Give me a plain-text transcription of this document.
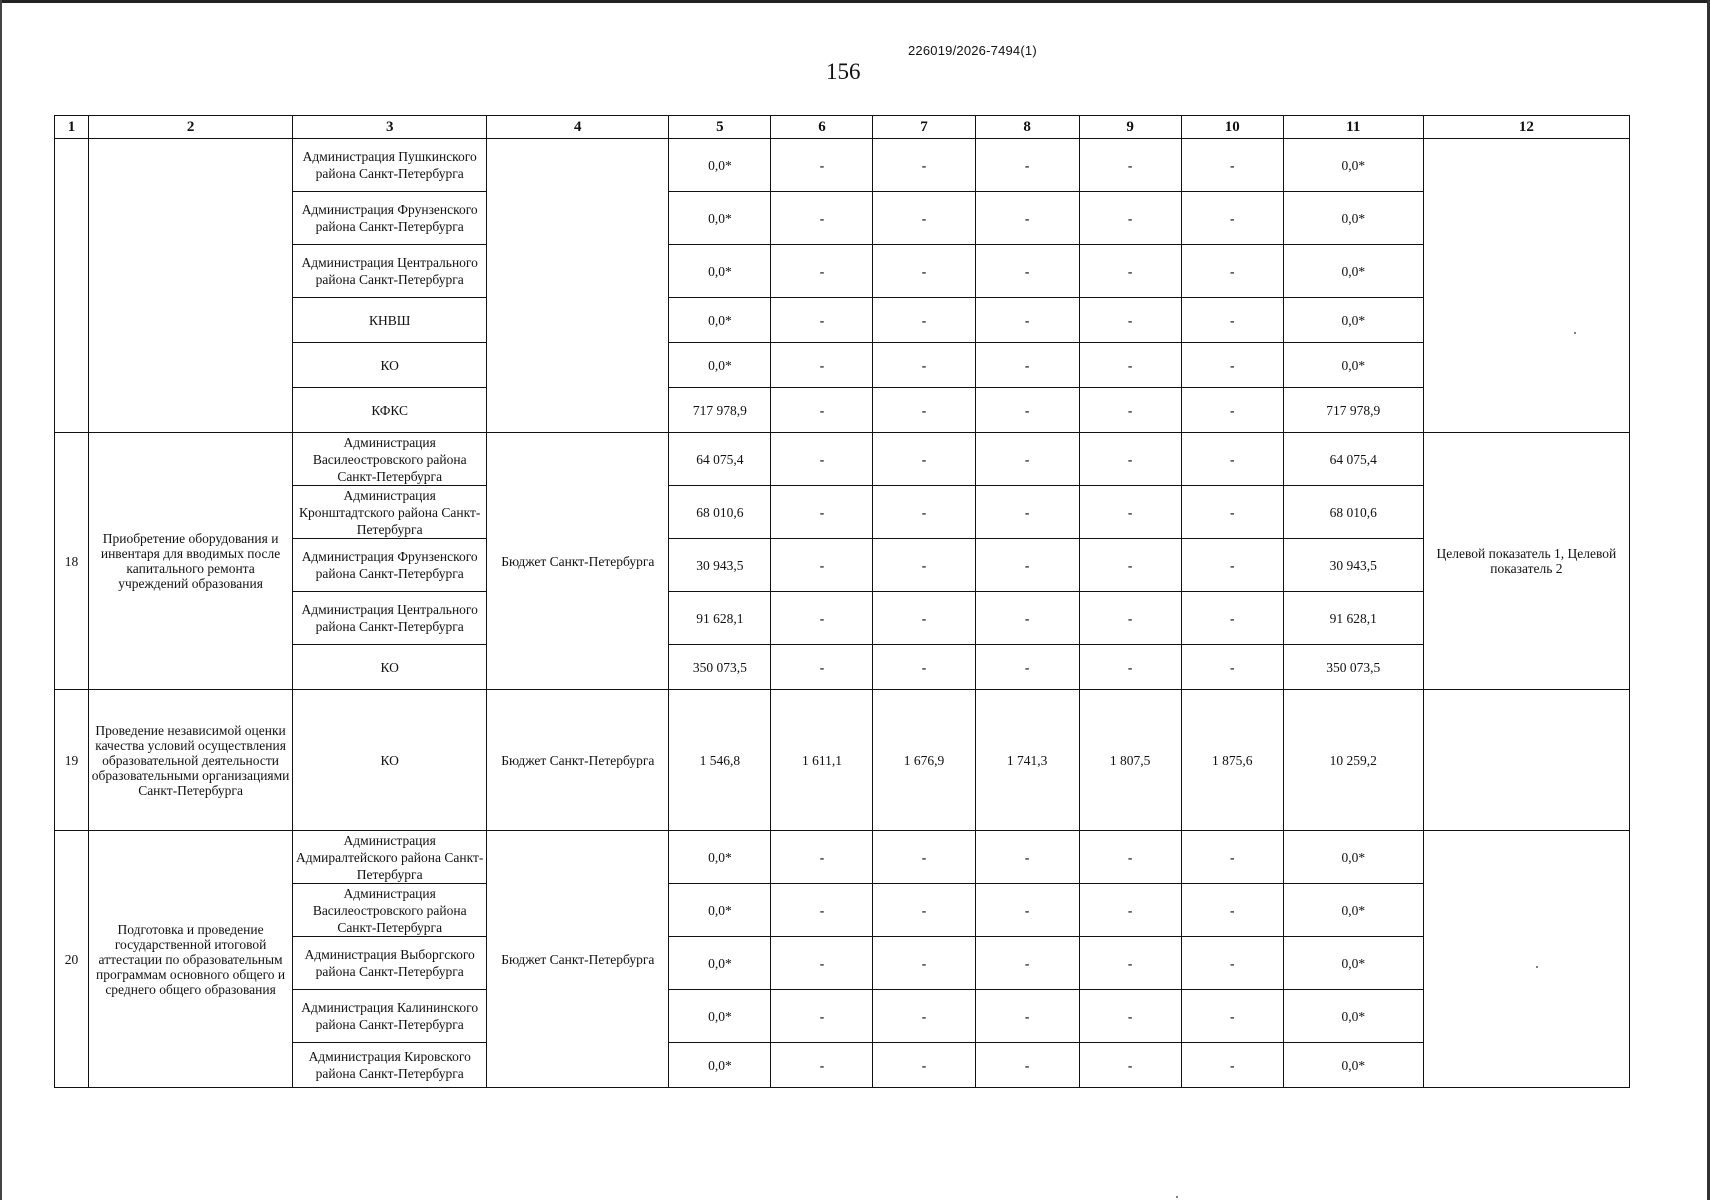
226019/2026-7494(1)
156
1	2	3	4	5	6	7	8	9	10	11	12
		Администрация Пушкинского района Санкт-Петербурга		0,0*	-	-	-	-	-	0,0*	
		Администрация Фрунзенского района Санкт-Петербурга		0,0*	-	-	-	-	-	0,0*	
		Администрация Центрального района Санкт-Петербурга		0,0*	-	-	-	-	-	0,0*	
		КНВШ		0,0*	-	-	-	-	-	0,0*	
		КО		0,0*	-	-	-	-	-	0,0*	
		КФКС		717 978,9	-	-	-	-	-	717 978,9	
18	Приобретение оборудования и инвентаря для вводимых после капитального ремонта учреждений образования	Администрация Василеостровского района Санкт-Петербурга	Бюджет Санкт-Петербурга	64 075,4	-	-	-	-	-	64 075,4	Целевой показатель 1, Целевой показатель 2
		Администрация Кронштадтского района Санкт-Петербурга		68 010,6	-	-	-	-	-	68 010,6	
		Администрация Фрунзенского района Санкт-Петербурга		30 943,5	-	-	-	-	-	30 943,5	
		Администрация Центрального района Санкт-Петербурга		91 628,1	-	-	-	-	-	91 628,1	
		КО		350 073,5	-	-	-	-	-	350 073,5	
19	Проведение независимой оценки качества условий осуществления образовательной деятельности образовательными организациями Санкт-Петербурга	КО	Бюджет Санкт-Петербурга	1 546,8	1 611,1	1 676,9	1 741,3	1 807,5	1 875,6	10 259,2	
20	Подготовка и проведение государственной итоговой аттестации по образовательным программам основного общего и среднего общего образования	Администрация Адмиралтейского района Санкт-Петербурга	Бюджет Санкт-Петербурга	0,0*	-	-	-	-	-	0,0*	
		Администрация Василеостровского района Санкт-Петербурга		0,0*	-	-	-	-	-	0,0*	
		Администрация Выборгского района Санкт-Петербурга		0,0*	-	-	-	-	-	0,0*	
		Администрация Калининского района Санкт-Петербурга		0,0*	-	-	-	-	-	0,0*	
		Администрация Кировского района Санкт-Петербурга		0,0*	-	-	-	-	-	0,0*	
